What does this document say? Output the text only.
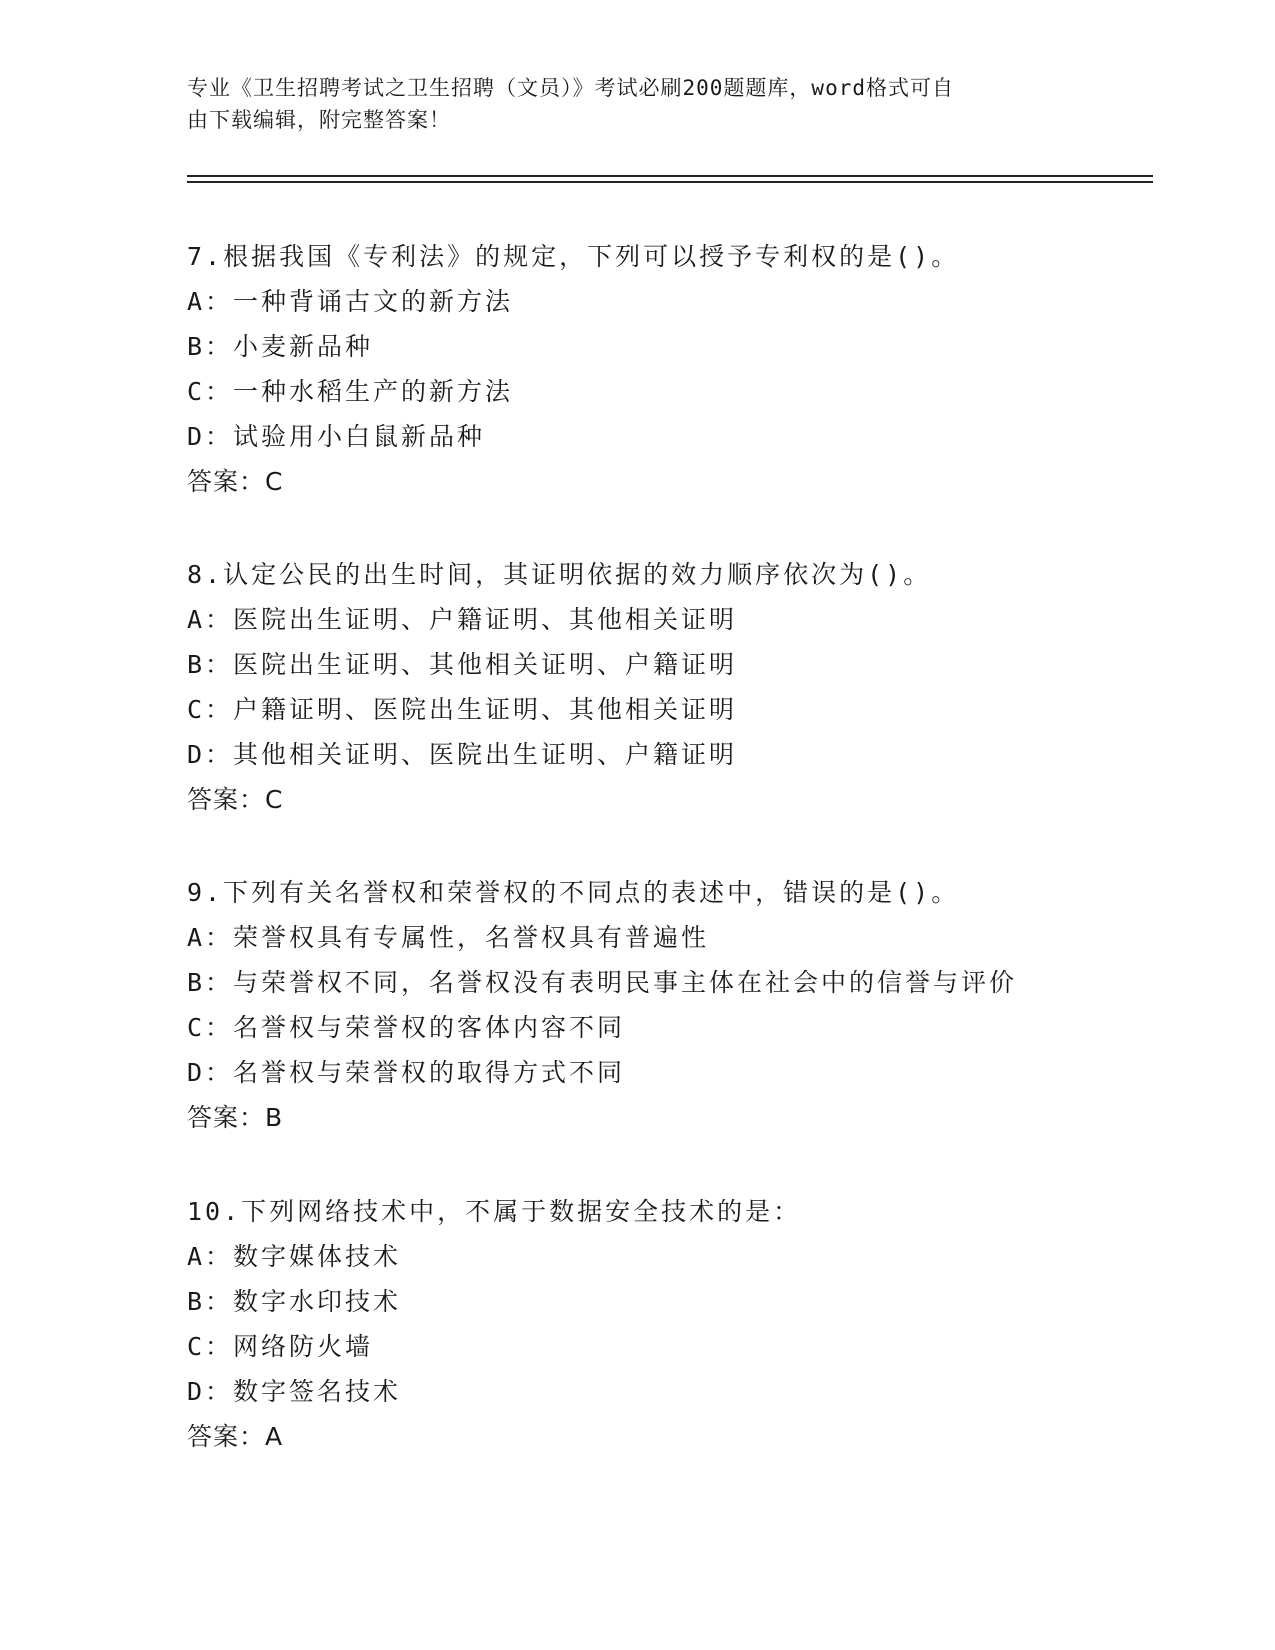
专业《卫生招聘考试之卫生招聘（文员）》考试必刷200题题库，word格式可自
由下载编辑，附完整答案！
7.根据我国《专利法》的规定，下列可以授予专利权的是()。
A：一种背诵古文的新方法
B：小麦新品种
C：一种水稻生产的新方法
D：试验用小白鼠新品种
答案：C
8.认定公民的出生时间，其证明依据的效力顺序依次为()。
A：医院出生证明、户籍证明、其他相关证明
B：医院出生证明、其他相关证明、户籍证明
C：户籍证明、医院出生证明、其他相关证明
D：其他相关证明、医院出生证明、户籍证明
答案：C
9.下列有关名誉权和荣誉权的不同点的表述中，错误的是()。
A：荣誉权具有专属性，名誉权具有普遍性
B：与荣誉权不同，名誉权没有表明民事主体在社会中的信誉与评价
C：名誉权与荣誉权的客体内容不同
D：名誉权与荣誉权的取得方式不同
答案：B
10.下列网络技术中，不属于数据安全技术的是：
A：数字媒体技术
B：数字水印技术
C：网络防火墙
D：数字签名技术
答案：A
